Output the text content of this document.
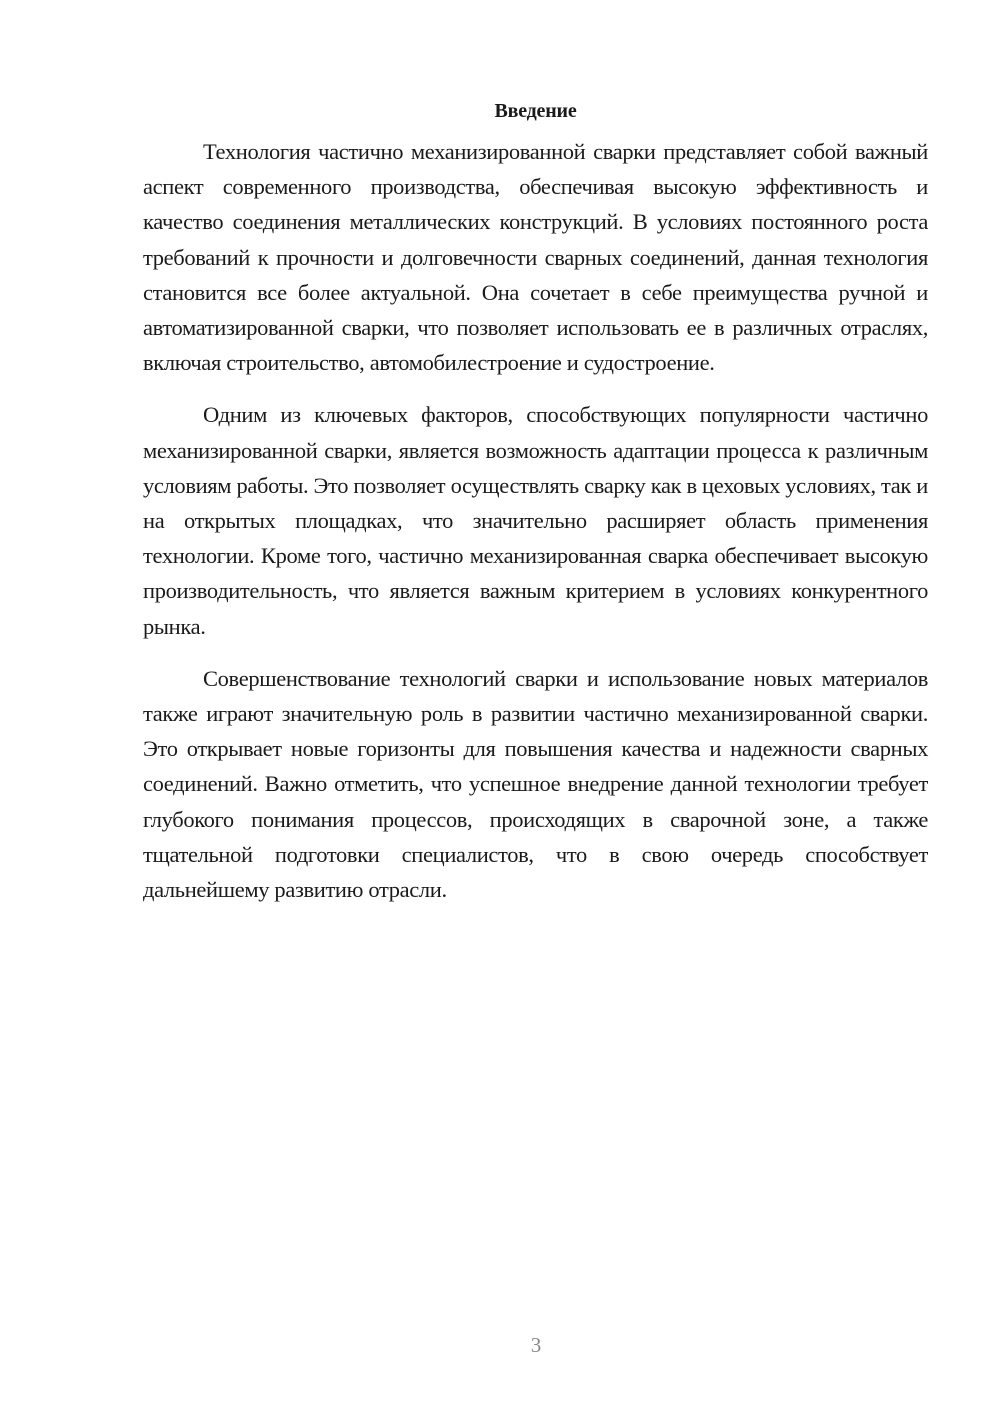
Введение

Технология частично механизированной сварки представляет собой важный аспект современного производства, обеспечивая высокую эффективность и качество соединения металлических конструкций. В условиях постоянного роста требований к прочности и долговечности сварных соединений, данная технология становится все более актуальной. Она сочетает в себе преимущества ручной и автоматизированной сварки, что позволяет использовать ее в различных отраслях, включая строительство, автомобилестроение и судостроение.

Одним из ключевых факторов, способствующих популярности частично механизированной сварки, является возможность адаптации процесса к различным условиям работы. Это позволяет осуществлять сварку как в цеховых условиях, так и на открытых площадках, что значительно расширяет область применения технологии. Кроме того, частично механизированная сварка обеспечивает высокую производительность, что является важным критерием в условиях конкурентного рынка.

Совершенствование технологий сварки и использование новых материалов также играют значительную роль в развитии частично механизированной сварки. Это открывает новые горизонты для повышения качества и надежности сварных соединений. Важно отметить, что успешное внедрение данной технологии требует глубокого понимания процессов, происходящих в сварочной зоне, а также тщательной подготовки специалистов, что в свою очередь способствует дальнейшему развитию отрасли.

3
